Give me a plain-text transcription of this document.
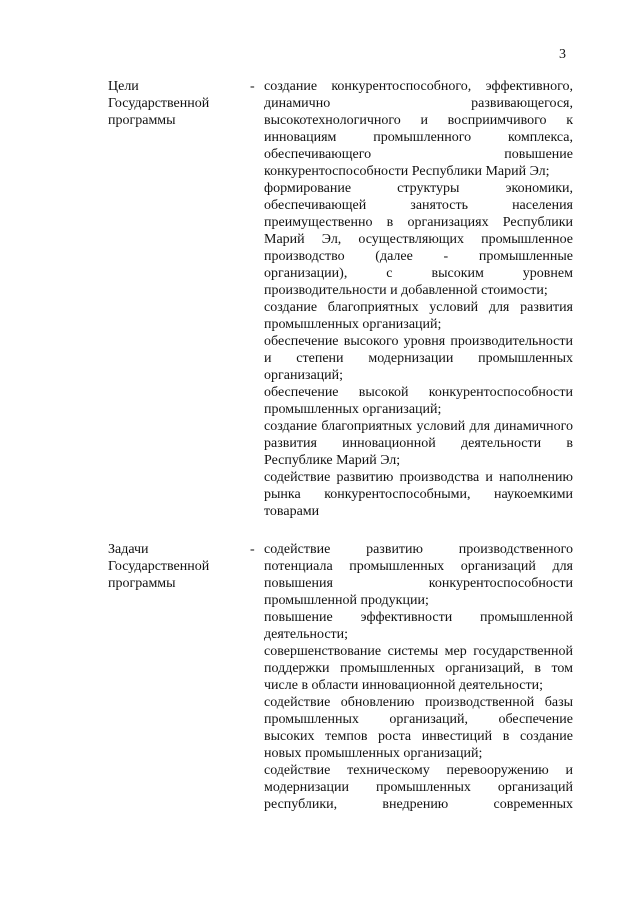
3
Цели
Государственной
программы
- создание конкурентоспособного, эффективного, динамично развивающегося, высокотехнологичного и восприимчивого к инновациям промышленного комплекса, обеспечивающего повышение конкурентоспособности Республики Марий Эл;

формирование структуры экономики, обеспечивающей занятость населения преимущественно в организациях Республики Марий Эл, осуществляющих промышленное производство (далее - промышленные организации), с высоким уровнем производительности и добавленной стоимости;

создание благоприятных условий для развития промышленных организаций;

обеспечение высокого уровня производительности и степени модернизации промышленных организаций;

обеспечение высокой конкурентоспособности промышленных организаций;

создание благоприятных условий для динамичного развития инновационной деятельности в Республике Марий Эл;

содействие развитию производства и наполнению рынка конкурентоспособными, наукоемкими товарами

Задачи
Государственной
программы
- содействие развитию производственного потенциала промышленных организаций для повышения конкурентоспособности промышленной продукции;

повышение эффективности промышленной деятельности;

совершенствование системы мер государственной поддержки промышленных организаций, в том числе в области инновационной деятельности;

содействие обновлению производственной базы промышленных организаций, обеспечение высоких темпов роста инвестиций в создание новых промышленных организаций;

содействие техническому перевооружению и модернизации промышленных организаций республики, внедрению современных
